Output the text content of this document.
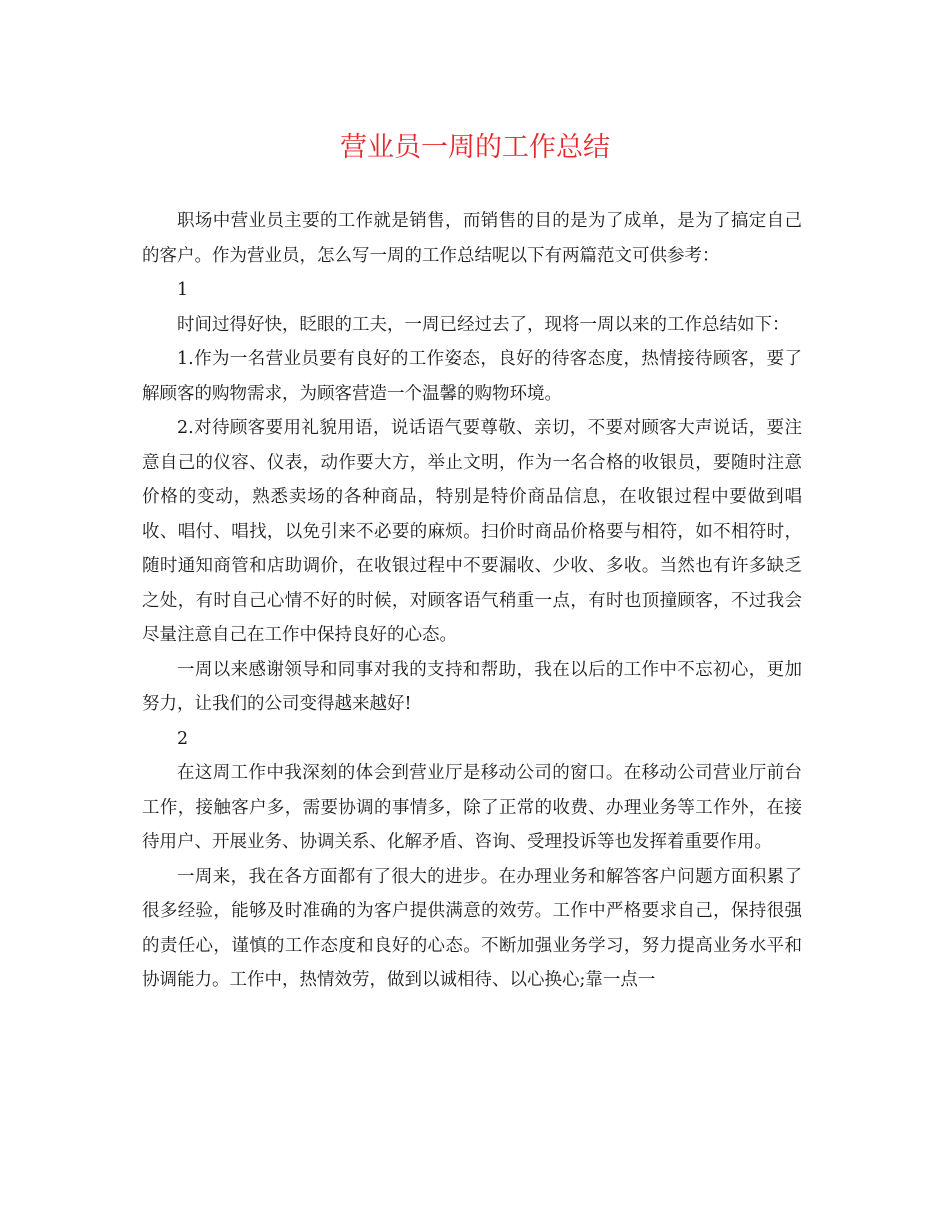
营业员一周的工作总结

职场中营业员主要的工作就是销售，而销售的目的是为了成单，是为了搞定自己的客户。作为营业员，怎么写一周的工作总结呢以下有两篇范文可供参考：

1

时间过得好快，眨眼的工夫，一周已经过去了，现将一周以来的工作总结如下：

1.作为一名营业员要有良好的工作姿态，良好的待客态度，热情接待顾客，要了解顾客的购物需求，为顾客营造一个温馨的购物环境。

2.对待顾客要用礼貌用语，说话语气要尊敬、亲切，不要对顾客大声说话，要注意自己的仪容、仪表，动作要大方，举止文明，作为一名合格的收银员，要随时注意价格的变动，熟悉卖场的各种商品，特别是特价商品信息，在收银过程中要做到唱收、唱付、唱找，以免引来不必要的麻烦。扫价时商品价格要与相符，如不相符时，随时通知商管和店助调价，在收银过程中不要漏收、少收、多收。当然也有许多缺乏之处，有时自己心情不好的时候，对顾客语气稍重一点，有时也顶撞顾客，不过我会尽量注意自己在工作中保持良好的心态。

一周以来感谢领导和同事对我的支持和帮助，我在以后的工作中不忘初心，更加努力，让我们的公司变得越来越好!

2

在这周工作中我深刻的体会到营业厅是移动公司的窗口。在移动公司营业厅前台工作，接触客户多，需要协调的事情多，除了正常的收费、办理业务等工作外，在接待用户、开展业务、协调关系、化解矛盾、咨询、受理投诉等也发挥着重要作用。

一周来，我在各方面都有了很大的进步。在办理业务和解答客户问题方面积累了很多经验，能够及时准确的为客户提供满意的效劳。工作中严格要求自己，保持很强的责任心，谨慎的工作态度和良好的心态。不断加强业务学习，努力提高业务水平和协调能力。工作中，热情效劳，做到以诚相待、以心换心;靠一点一
